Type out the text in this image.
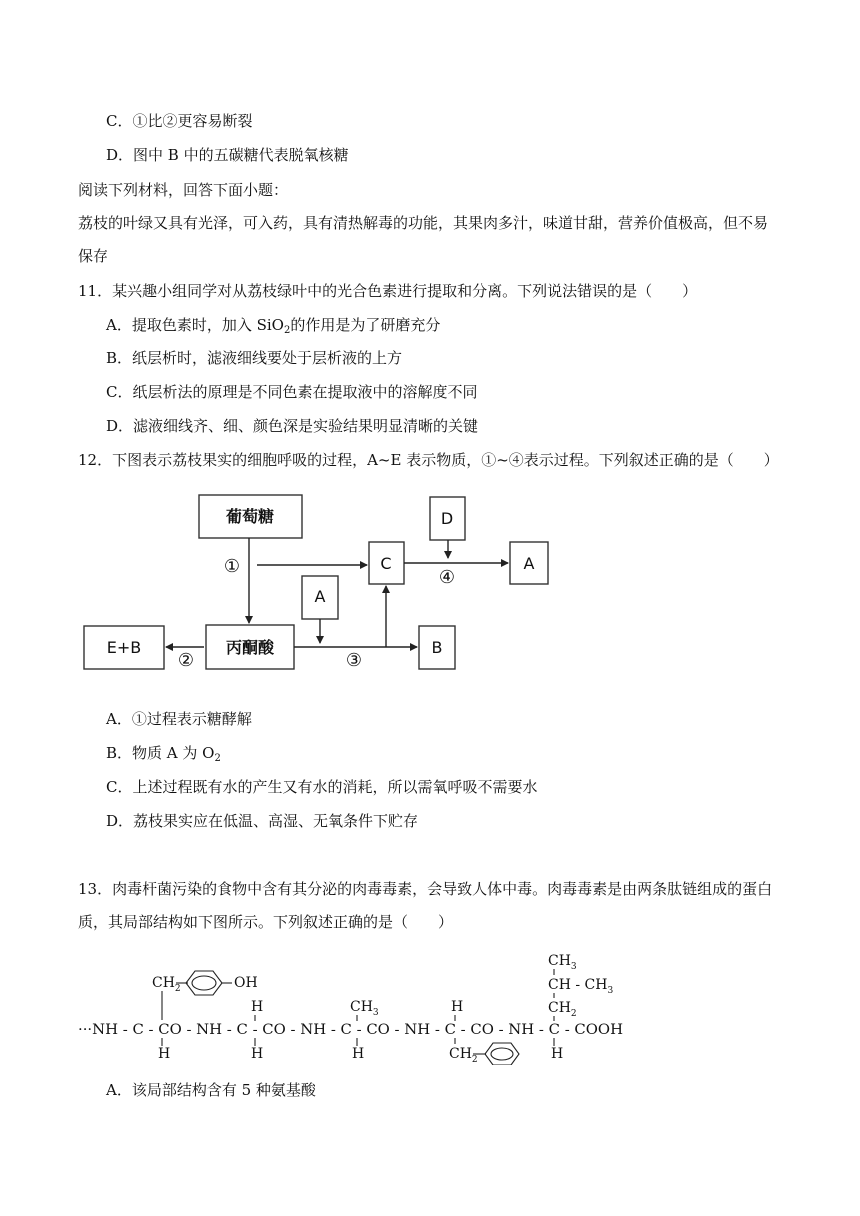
C．①比②更容易断裂
D．图中 B 中的五碳糖代表脱氧核糖
阅读下列材料，回答下面小题：
荔枝的叶绿又具有光泽，可入药，具有清热解毒的功能，其果肉多汁，味道甘甜，营养价值极高，但不易
保存
11．某兴趣小组同学对从荔枝绿叶中的光合色素进行提取和分离。下列说法错误的是（　　）
A．提取色素时，加入 SiO$_2$的作用是为了研磨充分
B．纸层析时，滤液细线要处于层析液的上方
C．纸层析法的原理是不同色素在提取液中的溶解度不同
D．滤液细线齐、细、颜色深是实验结果明显清晰的关键
12．下图表示荔枝果实的细胞呼吸的过程，A~E 表示物质，①~④表示过程。下列叙述正确的是（　　）
葡萄糖
丙酮酸
D
C	A
A
B
E+B
①
④
③
②
A．①过程表示糖酵解
B．物质 A 为 $O_2$
C．上述过程既有水的产生又有水的消耗，所以需氧呼吸不需要水
D．荔枝果实应在低温、高湿、无氧条件下贮存
13．肉毒杆菌污染的食物中含有其分泌的肉毒毒素，会导致人体中毒。肉毒毒素是由两条肽链组成的蛋白
质，其局部结构如下图所示。下列叙述正确的是（　　）
···NH - C - CO - NH - C - CO - NH - C - CO - NH - C - CO - NH - C - COOH
$CH_2$	OH
H
H
H
$CH_3$
H
H
$CH_2$
$CH_3$
CH - $CH_3$
$CH_2$
H
A．该局部结构含有 5 种氨基酸
